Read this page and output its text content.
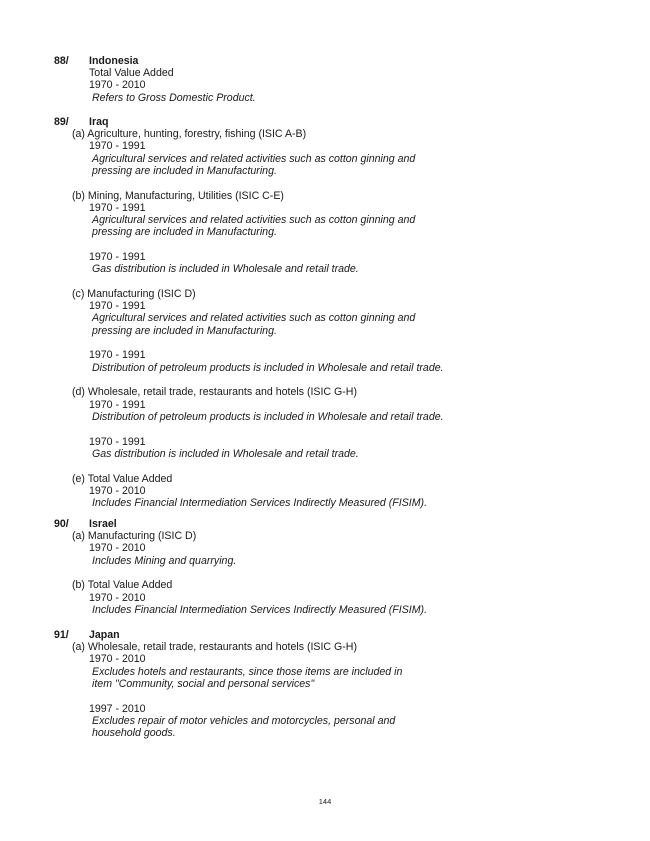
88/ Indonesia
Total Value Added
1970 - 2010
Refers to Gross Domestic Product.
89/ Iraq
(a) Agriculture, hunting, forestry, fishing (ISIC A-B)
1970 - 1991
Agricultural services and related activities such as cotton ginning and
pressing are included in Manufacturing.
(b) Mining, Manufacturing, Utilities (ISIC C-E)
1970 - 1991
Agricultural services and related activities such as cotton ginning and
pressing are included in Manufacturing.
1970 - 1991
Gas distribution is included in Wholesale and retail trade.
(c) Manufacturing (ISIC D)
1970 - 1991
Agricultural services and related activities such as cotton ginning and
pressing are included in Manufacturing.
1970 - 1991
Distribution of petroleum products is included in Wholesale and retail trade.
(d) Wholesale, retail trade, restaurants and hotels (ISIC G-H)
1970 - 1991
Distribution of petroleum products is included in Wholesale and retail trade.
1970 - 1991
Gas distribution is included in Wholesale and retail trade.
(e) Total Value Added
1970 - 2010
Includes Financial Intermediation Services Indirectly Measured (FISIM).
90/ Israel
(a) Manufacturing (ISIC D)
1970 - 2010
Includes Mining and quarrying.
(b) Total Value Added
1970 - 2010
Includes Financial Intermediation Services Indirectly Measured (FISIM).
91/ Japan
(a) Wholesale, retail trade, restaurants and hotels (ISIC G-H)
1970 - 2010
Excludes hotels and restaurants, since those items are included in
item "Community, social and personal services"
1997 - 2010
Excludes repair of motor vehicles and motorcycles, personal and
household goods.
144
